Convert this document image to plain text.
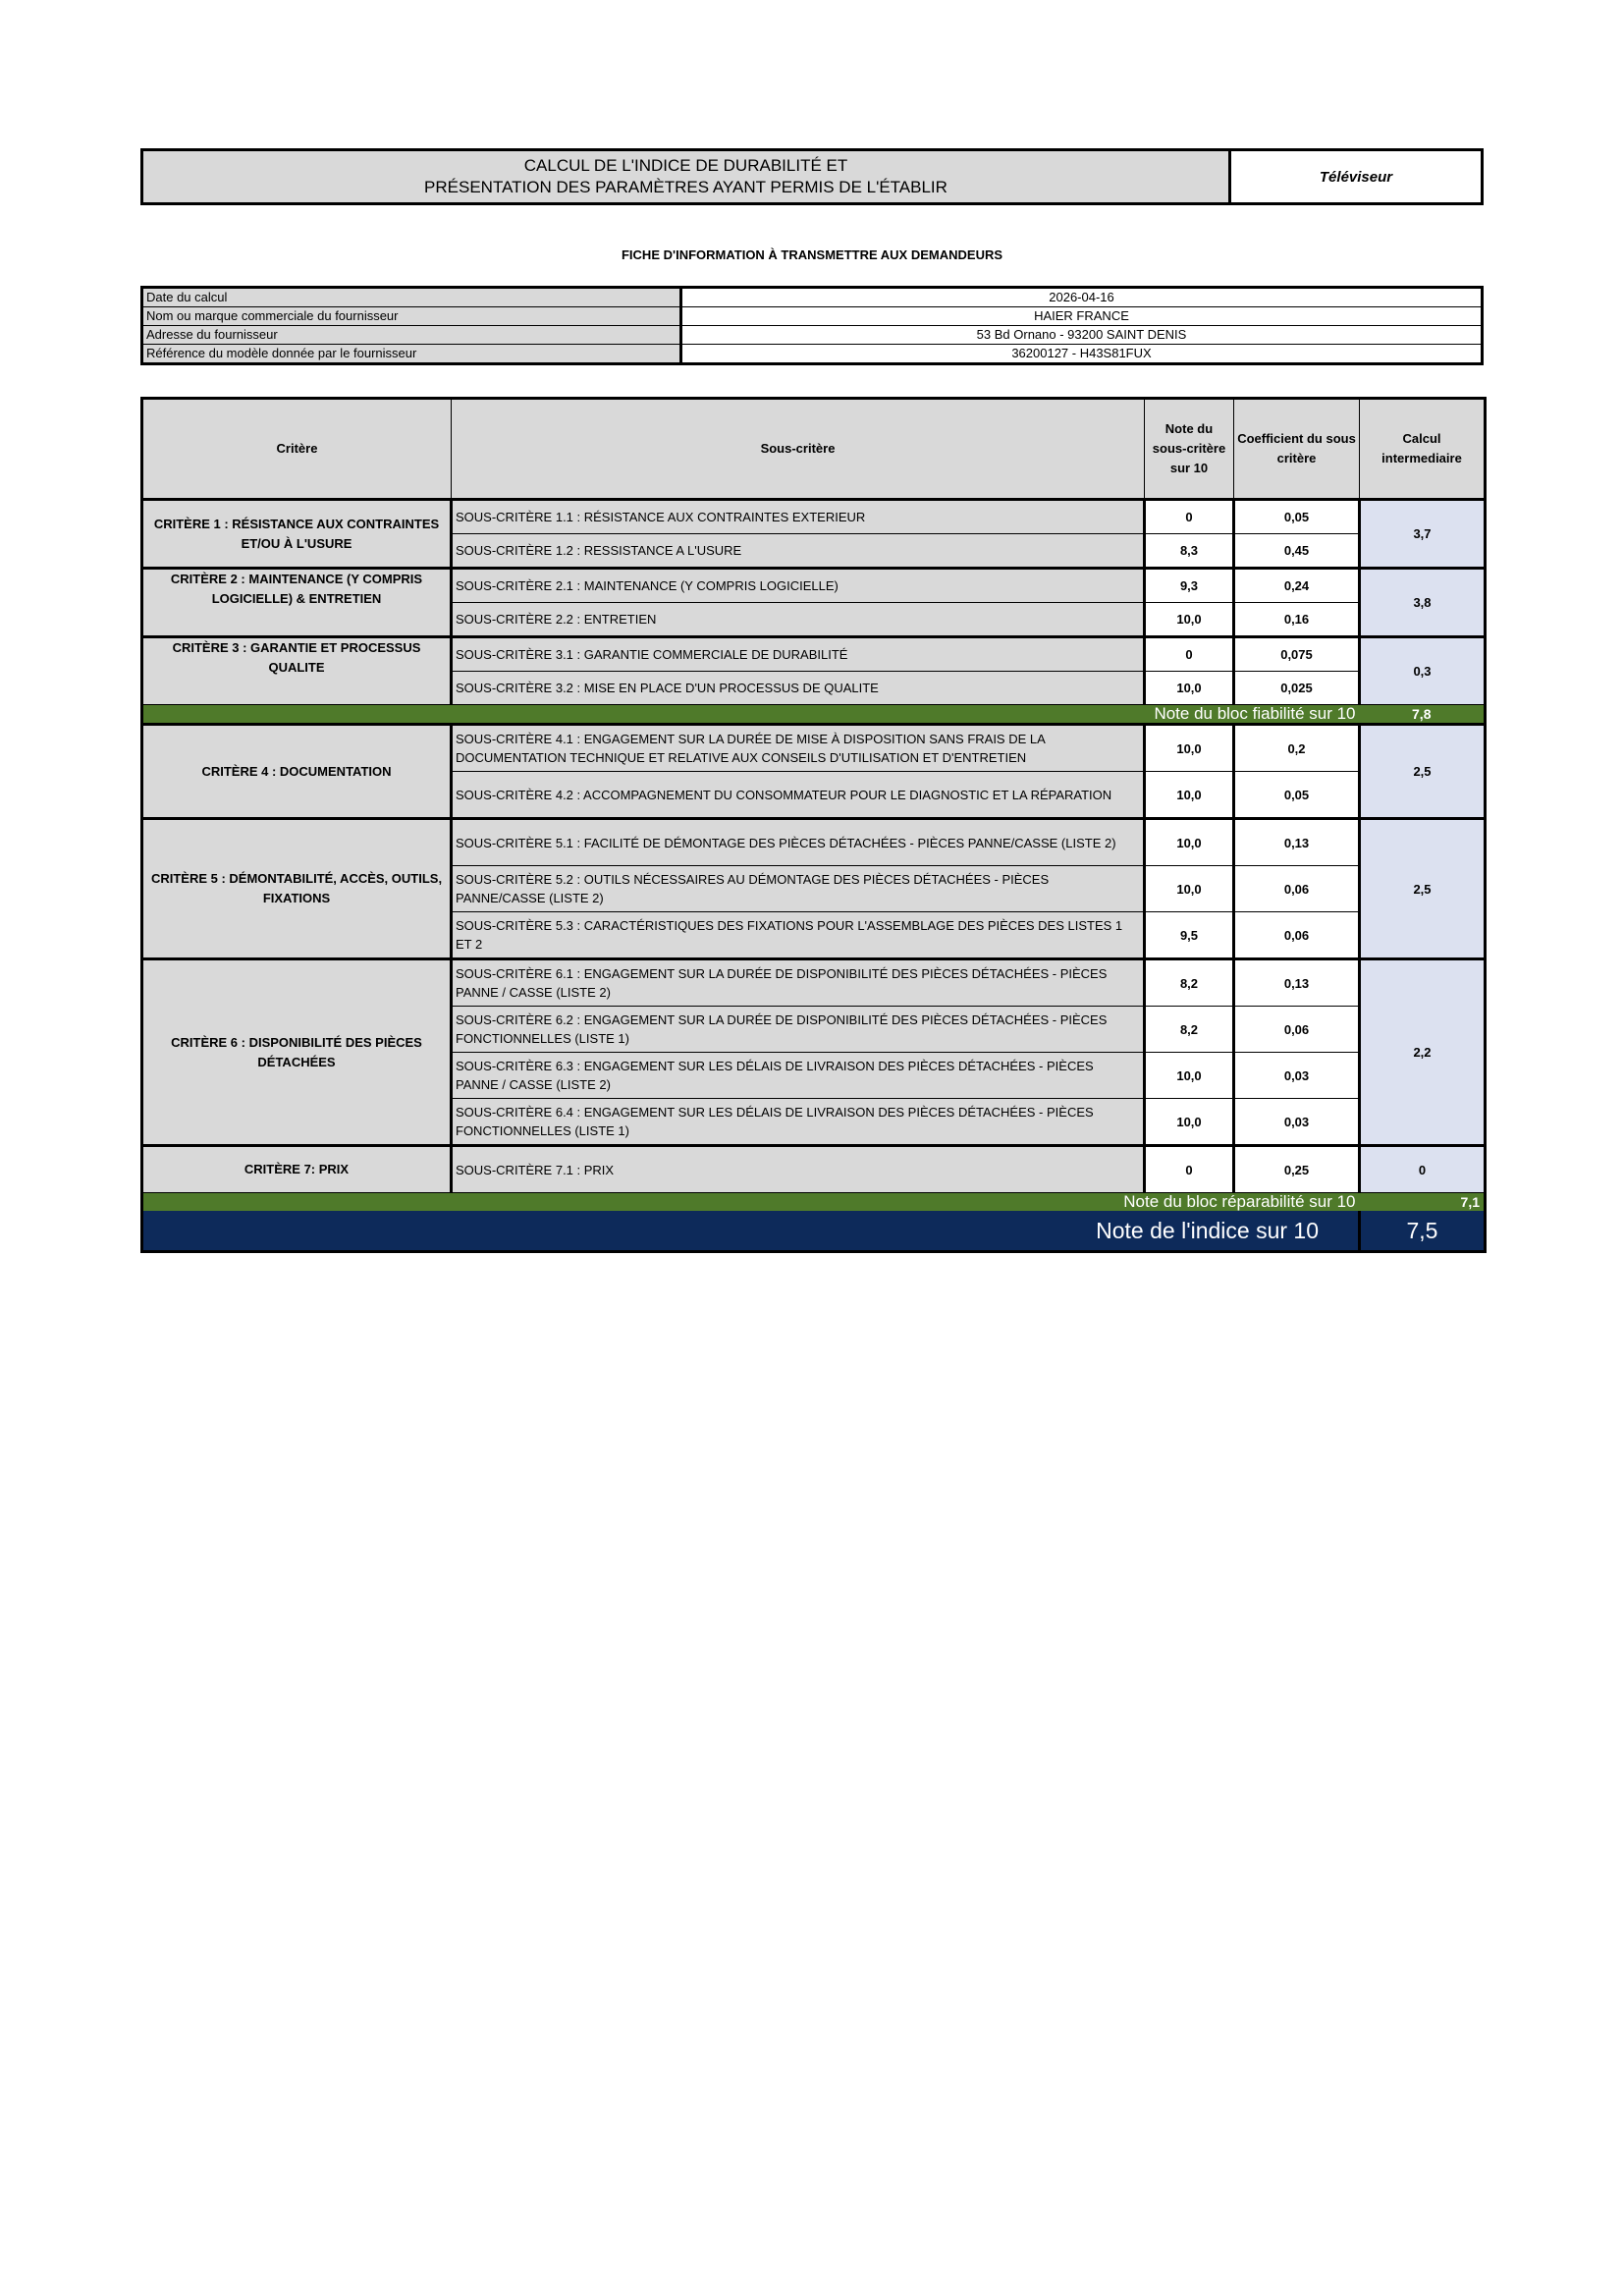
CALCUL DE L'INDICE DE DURABILITÉ ET
PRÉSENTATION DES PARAMÈTRES AYANT PERMIS DE L'ÉTABLIR
Téléviseur
FICHE D'INFORMATION À TRANSMETTRE AUX DEMANDEURS
Date du calcul	2026-04-16
Nom ou marque commerciale du fournisseur	HAIER FRANCE
Adresse du fournisseur	53 Bd Ornano - 93200 SAINT DENIS
Référence du modèle donnée par le fournisseur	36200127 - H43S81FUX
Critère	Sous-critère	Note du sous-critère sur 10	Coefficient du sous critère	Calcul intermediaire
CRITÈRE 1 : RÉSISTANCE AUX CONTRAINTES ET/OU À L'USURE	SOUS-CRITÈRE 1.1 : RÉSISTANCE AUX CONTRAINTES EXTERIEUR	0	0,05	3,7
	SOUS-CRITÈRE 1.2 : RESSISTANCE A L'USURE	8,3	0,45	
CRITÈRE 2 : MAINTENANCE (Y COMPRIS LOGICIELLE) & ENTRETIEN	SOUS-CRITÈRE 2.1 : MAINTENANCE (Y COMPRIS LOGICIELLE)	9,3	0,24	3,8
	SOUS-CRITÈRE 2.2 : ENTRETIEN	10,0	0,16	
CRITÈRE 3 : GARANTIE ET PROCESSUS QUALITE	SOUS-CRITÈRE 3.1 : GARANTIE COMMERCIALE DE DURABILITÉ	0	0,075	0,3
	SOUS-CRITÈRE 3.2 : MISE EN PLACE D'UN PROCESSUS DE QUALITE	10,0	0,025	
Note du bloc fiabilité sur 10				7,8
CRITÈRE 4 : DOCUMENTATION	SOUS-CRITÈRE 4.1 : ENGAGEMENT SUR LA DURÉE DE MISE À DISPOSITION SANS FRAIS DE LA DOCUMENTATION TECHNIQUE ET RELATIVE AUX CONSEILS D'UTILISATION ET D'ENTRETIEN	10,0	0,2	2,5
	SOUS-CRITÈRE 4.2 : ACCOMPAGNEMENT DU CONSOMMATEUR POUR LE DIAGNOSTIC ET LA RÉPARATION	10,0	0,05	
CRITÈRE 5 : DÉMONTABILITÉ, ACCÈS, OUTILS, FIXATIONS	SOUS-CRITÈRE 5.1 : FACILITÉ DE DÉMONTAGE DES PIÈCES DÉTACHÉES - PIÈCES PANNE/CASSE (LISTE 2)	10,0	0,13	2,5
	SOUS-CRITÈRE 5.2 : OUTILS NÉCESSAIRES AU DÉMONTAGE DES PIÈCES DÉTACHÉES - PIÈCES PANNE/CASSE (LISTE 2)	10,0	0,06	
	SOUS-CRITÈRE 5.3 : CARACTÉRISTIQUES DES FIXATIONS POUR L'ASSEMBLAGE DES PIÈCES DES LISTES 1 ET 2	9,5	0,06	
CRITÈRE 6 : DISPONIBILITÉ DES PIÈCES DÉTACHÉES	SOUS-CRITÈRE 6.1 : ENGAGEMENT SUR LA DURÉE DE DISPONIBILITÉ DES PIÈCES DÉTACHÉES - PIÈCES PANNE / CASSE (LISTE 2)	8,2	0,13	2,2
	SOUS-CRITÈRE 6.2 : ENGAGEMENT SUR LA DURÉE DE DISPONIBILITÉ DES PIÈCES DÉTACHÉES - PIÈCES FONCTIONNELLES (LISTE 1)	8,2	0,06	
	SOUS-CRITÈRE 6.3 : ENGAGEMENT SUR LES DÉLAIS DE LIVRAISON DES PIÈCES DÉTACHÉES - PIÈCES PANNE / CASSE (LISTE 2)	10,0	0,03	
	SOUS-CRITÈRE 6.4 : ENGAGEMENT SUR LES DÉLAIS DE LIVRAISON DES PIÈCES DÉTACHÉES - PIÈCES FONCTIONNELLES (LISTE 1)	10,0	0,03	
CRITÈRE 7: PRIX	SOUS-CRITÈRE 7.1 : PRIX	0	0,25	0
Note du bloc réparabilité sur 10				7,1
Note de l'indice sur 10				7,5
